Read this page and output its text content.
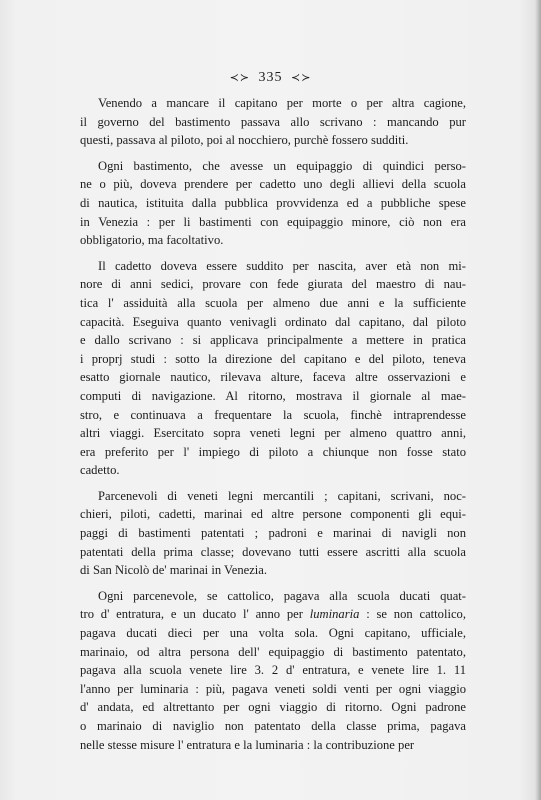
≺≻ 335 ≺≻
Venendo a mancare il capitano per morte o per altra cagione,
il governo del bastimento passava allo scrivano : mancando pur
questi, passava al piloto, poi al nocchiero, purchè fossero sudditi.
Ogni bastimento, che avesse un equipaggio di quindici perso-
ne o più, doveva prendere per cadetto uno degli allievi della scuola
di nautica, istituita dalla pubblica provvidenza ed a pubbliche spese
in Venezia : per li bastimenti con equipaggio minore, ciò non era
obbligatorio, ma facoltativo.
Il cadetto doveva essere suddito per nascita, aver età non mi-
nore di anni sedici, provare con fede giurata del maestro di nau-
tica l' assiduità alla scuola per almeno due anni e la sufficiente
capacità. Eseguiva quanto venivagli ordinato dal capitano, dal piloto
e dallo scrivano : si applicava principalmente a mettere in pratica
i proprj studi : sotto la direzione del capitano e del piloto, teneva
esatto giornale nautico, rilevava alture, faceva altre osservazioni e
computi di navigazione. Al ritorno, mostrava il giornale al mae-
stro, e continuava a frequentare la scuola, finchè intraprendesse
altri viaggi. Esercitato sopra veneti legni per almeno quattro anni,
era preferito per l' impiego di piloto a chiunque non fosse stato
cadetto.
Parcenevoli di veneti legni mercantili ; capitani, scrivani, noc-
chieri, piloti, cadetti, marinai ed altre persone componenti gli equi-
paggi di bastimenti patentati ; padroni e marinai di navigli non
patentati della prima classe; dovevano tutti essere ascritti alla scuola
di San Nicolò de' marinai in Venezia.
Ogni parcenevole, se cattolico, pagava alla scuola ducati quat-
tro d' entratura, e un ducato l' anno per luminaria : se non cattolico,
pagava ducati dieci per una volta sola. Ogni capitano, ufficiale,
marinaio, od altra persona dell' equipaggio di bastimento patentato,
pagava alla scuola venete lire 3. 2 d' entratura, e venete lire 1. 11
l'anno per luminaria : più, pagava veneti soldi venti per ogni viaggio
d' andata, ed altrettanto per ogni viaggio di ritorno. Ogni padrone
o marinaio di naviglio non patentato della classe prima, pagava
nelle stesse misure l' entratura e la luminaria : la contribuzione per
